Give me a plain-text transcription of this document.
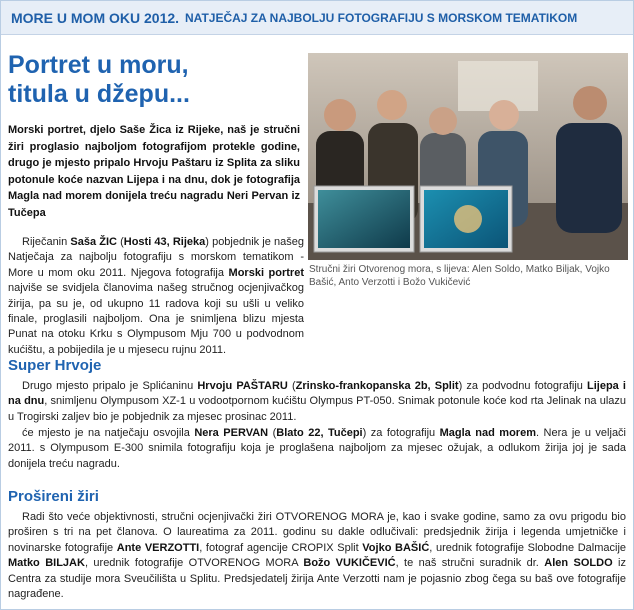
MORE U MOM OKU 2012. NATJEČAJ ZA NAJBOLJU FOTOGRAFIJU S MORSKOM TEMATIKOM
Portret u moru,
titula u džepu...

Morski portret, djelo Saše Žica iz Rijeke, naš je stručni žiri proglasio najboljom fotografijom protekle godine, drugo je mjesto pripalo Hrvoju Paštaru iz Splita za sliku potonule koće nazvan Lijepa i na dnu, dok je fotografija Magla nad morem donijela treću nagradu Neri Pervan iz Tučepa

Stručni žiri Otvorenog mora, s lijeva: Alen Soldo, Matko Biljak, Vojko Bašić, Anto Verzotti i Božo Vukičević

Riječanin Saša ŽIC (Hosti 43, Rijeka) pobjednik je našeg Natječaja za najbolju fotografiju s morskom tematikom - More u mom oku 2011. Njegova fotografija Morski portret najviše se svidjela članovima našeg stručnog ocjenjivačkog žirija, pa su je, od ukupno 11 radova koji su ušli u veliko finale, proglasili najboljom. Ona je snimljena blizu mjesta Punat na otoku Krku s Olympusom Mju 700 u podvodnom kućištu, a pobijedila je u mjesecu rujnu 2011.

Super Hrvoje

Drugo mjesto pripalo je Splićaninu Hrvoju PAŠTARU (Zrinsko-frankopanska 2b, Split) za podvodnu fotografiju Lijepa i na dnu, snimljenu Olympusom XZ-1 u vodootpornom kućištu Olympus PT-050. Snimak potonule koće kod rta Jelinak na ulazu u Trogirski zaljev bio je pobjednik za mjesec prosinac 2011.

će mjesto je na natječaju osvojila Nera PERVAN (Blato 22, Tučepi) za fotografiju Magla nad morem. Nera je u veljači 2011. s Olympusom E-300 snimila fotografiju koja je proglašena najboljom za mjesec ožujak, a odlukom žirija joj je sada donijela treću nagradu.

Prošireni žiri

Radi što veće objektivnosti, stručni ocjenjivački žiri OTVORENOG MORA je, kao i svake godine, samo za ovu prigodu bio proširen s tri na pet članova. O laureatima za 2011. godinu su dakle odlučivali: predsjednik žirija i legenda umjetničke i novinarske fotografije Ante VERZOTTI, fotograf agencije CROPIX Split Vojko BAŠIĆ, urednik fotografije Slobodne Dalmacije Matko BILJAK, urednik fotografije OTVORENOG MORA Božo VUKIČEVIĆ, te naš stručni suradnik dr. Alen SOLDO iz Centra za studije mora Sveučilišta u Splitu. Predsjedatelj žirija Ante Verzotti nam je pojasnio zbog čega su baš ove fotografije nagrađene.
